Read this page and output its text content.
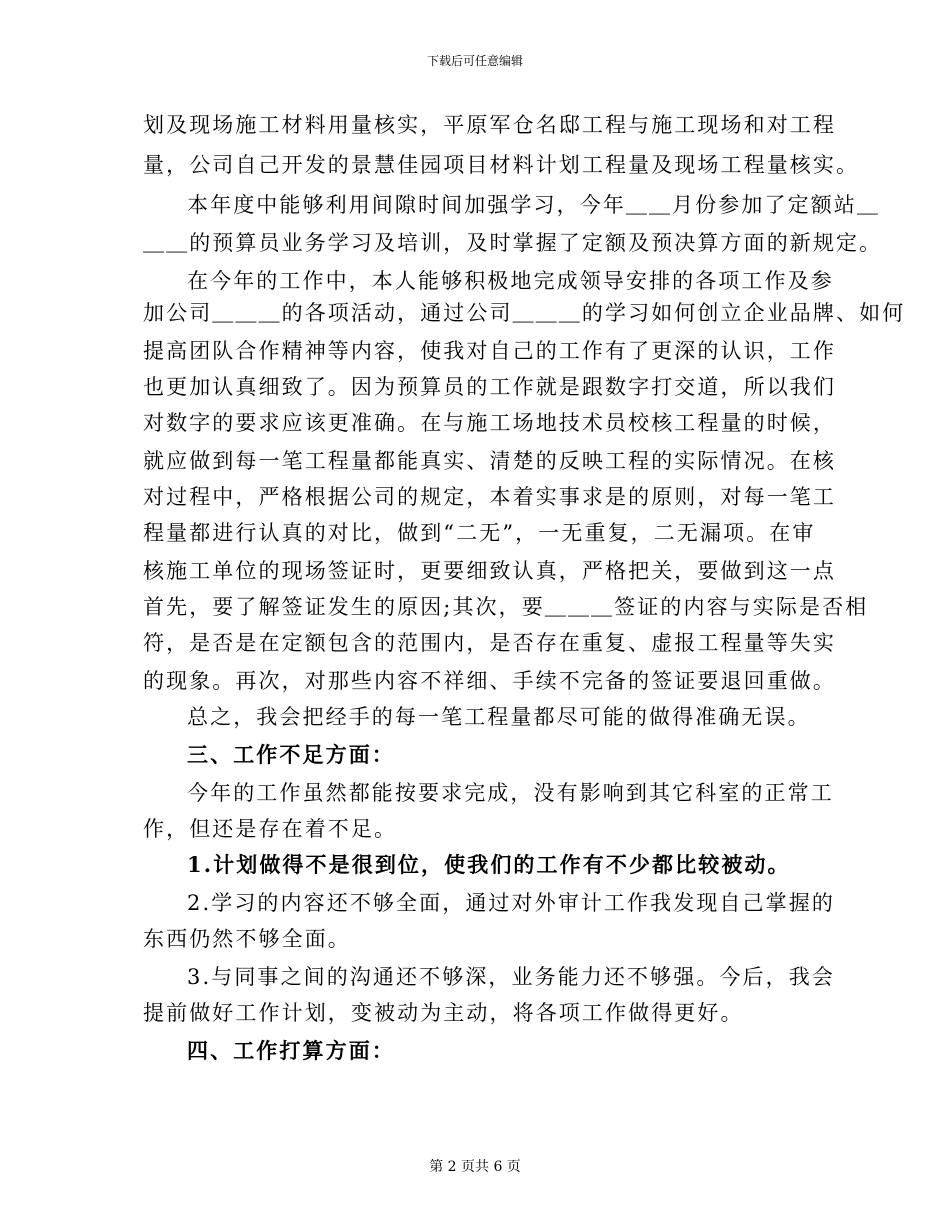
下载后可任意编辑
划及现场施工材料用量核实，平原军仓名邸工程与施工现场和对工程
量，公司自己开发的景慧佳园项目材料计划工程量及现场工程量核实。
本年度中能够利用间隙时间加强学习，今年＿＿月份参加了定额站＿
＿＿的预算员业务学习及培训，及时掌握了定额及预决算方面的新规定。
在今年的工作中，本人能够积极地完成领导安排的各项工作及参
加公司＿＿＿的各项活动，通过公司＿＿＿的学习如何创立企业品牌、如何
提高团队合作精神等内容，使我对自己的工作有了更深的认识，工作
也更加认真细致了。因为预算员的工作就是跟数字打交道，所以我们
对数字的要求应该更准确。在与施工场地技术员校核工程量的时候，
就应做到每一笔工程量都能真实、清楚的反映工程的实际情况。在核
对过程中，严格根据公司的规定，本着实事求是的原则，对每一笔工
程量都进行认真的对比，做到“二无”，一无重复，二无漏项。在审
核施工单位的现场签证时，更要细致认真，严格把关，要做到这一点
首先，要了解签证发生的原因;其次，要＿＿＿签证的内容与实际是否相
符，是否是在定额包含的范围内，是否存在重复、虚报工程量等失实
的现象。再次，对那些内容不祥细、手续不完备的签证要退回重做。
总之，我会把经手的每一笔工程量都尽可能的做得准确无误。
三、工作不足方面：
今年的工作虽然都能按要求完成，没有影响到其它科室的正常工
作，但还是存在着不足。
1.计划做得不是很到位，使我们的工作有不少都比较被动。
2.学习的内容还不够全面，通过对外审计工作我发现自己掌握的
东西仍然不够全面。
3.与同事之间的沟通还不够深，业务能力还不够强。今后，我会
提前做好工作计划，变被动为主动，将各项工作做得更好。
四、工作打算方面：
第 2 页共 6 页
